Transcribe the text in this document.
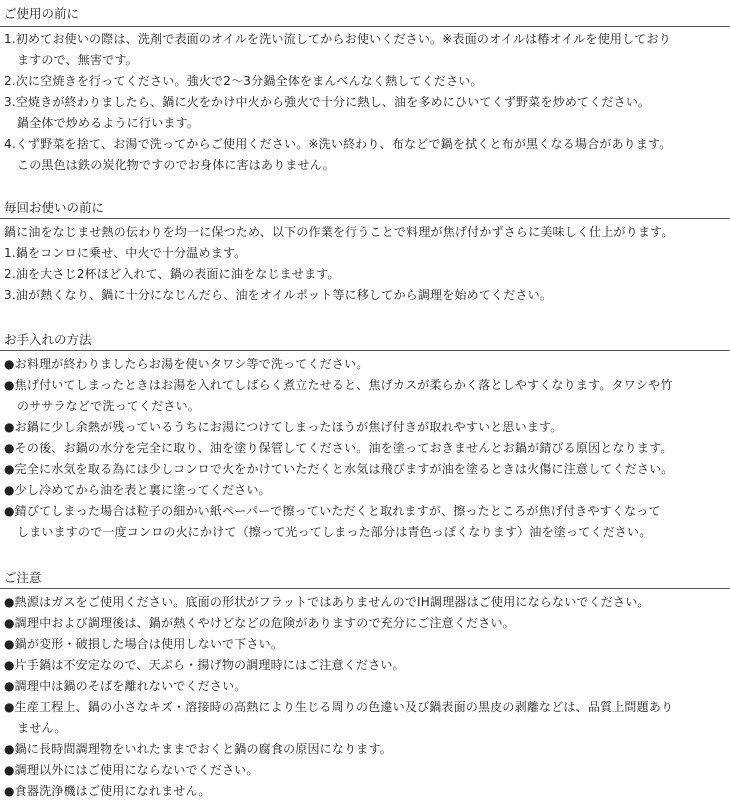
ご使用の前に
1.初めてお使いの際は、洗剤で表面のオイルを洗い流してからお使いください。※表面のオイルは椿オイルを使用しており
ますので、無害です。
2.次に空焼きを行ってください。強火で2〜3分鍋全体をまんべんなく熱してください。
3.空焼きが終わりましたら、鍋に火をかけ中火から強火で十分に熱し、油を多めにひいてくず野菜を炒めてください。
鍋全体で炒めるように行います。
4.くず野菜を捨て、お湯で洗ってからご使用ください。※洗い終わり、布などで鍋を拭くと布が黒くなる場合があります。
この黒色は鉄の炭化物ですのでお身体に害はありません。
毎回お使いの前に
鍋に油をなじませ熱の伝わりを均一に保つため、以下の作業を行うことで料理が焦げ付かずさらに美味しく仕上がります。
1.鍋をコンロに乗せ、中火で十分温めます。
2.油を大さじ2杯ほど入れて、鍋の表面に油をなじませます。
3.油が熱くなり、鍋に十分になじんだら、油をオイルポット等に移してから調理を始めてください。
お手入れの方法
●お料理が終わりましたらお湯を使いタワシ等で洗ってください。
●焦げ付いてしまったときはお湯を入れてしばらく煮立たせると、焦げカスが柔らかく落としやすくなります。タワシや竹
のササラなどで洗ってください。
●お鍋に少し余熱が残っているうちにお湯につけてしまったほうが焦げ付きが取れやすいと思います。
●その後、お鍋の水分を完全に取り、油を塗り保管してください。油を塗っておきませんとお鍋が錆びる原因となります。
●完全に水気を取る為には少しコンロで火をかけていただくと水気は飛びますが油を塗るときは火傷に注意してください。
●少し冷めてから油を表と裏に塗ってください。
●錆びてしまった場合は粒子の細かい紙ペーパーで擦っていただくと取れますが、擦ったところが焦げ付きやすくなって
しまいますので一度コンロの火にかけて（擦って光ってしまった部分は青色っぽくなります）油を塗ってください。
ご注意
●熱源はガスをご使用ください。底面の形状がフラットではありませんのでIH調理器はご使用にならないでください。
●調理中および調理後は、鍋が熱くやけどなどの危険がありますので充分にご注意ください。
●鍋が変形・破損した場合は使用しないで下さい。
●片手鍋は不安定なので、天ぷら・揚げ物の調理時にはご注意ください。
●調理中は鍋のそばを離れないでください。
●生産工程上、鍋の小さなキズ・溶接時の高熱により生じる周りの色違い及び鍋表面の黒皮の剥離などは、品質上問題あり
ません。
●鍋に長時間調理物をいれたままでおくと鍋の腐食の原因になります。
●調理以外にはご使用にならないでください。
●食器洗浄機はご使用になれません。
